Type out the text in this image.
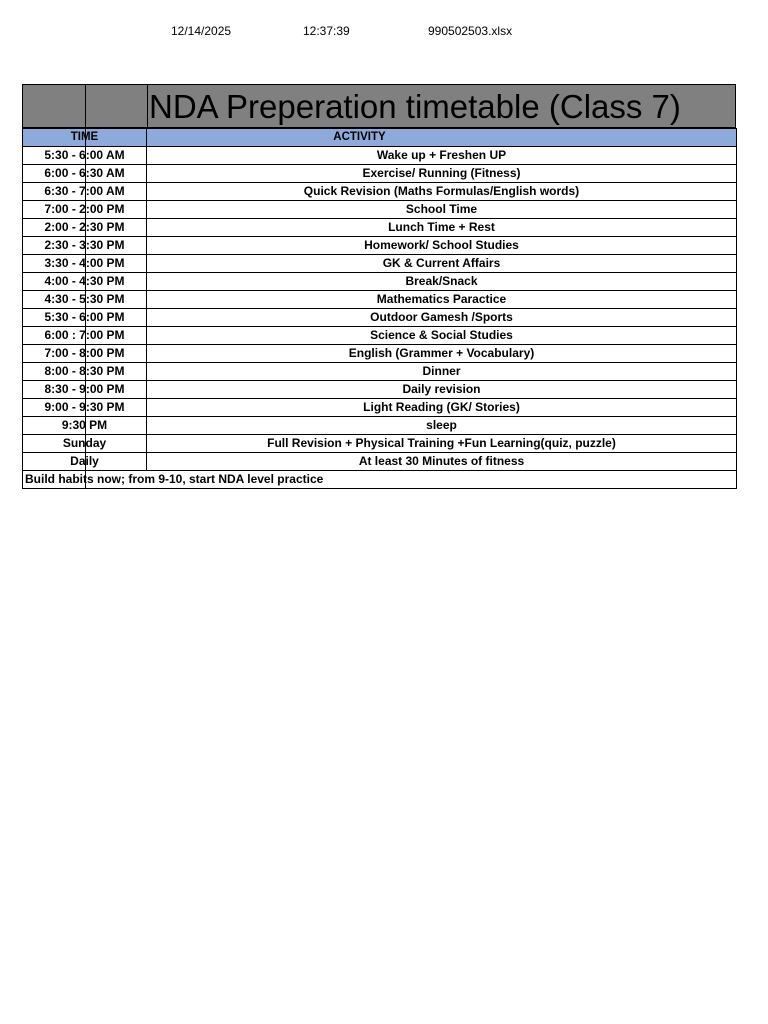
12/14/2025	12:37:39	990502503.xlsx
NDA Preperation timetable (Class 7)
TIME	ACTIVITY
5:30 - 6:00 AM	Wake up + Freshen UP
6:00 - 6:30 AM	Exercise/ Running (Fitness)
6:30 - 7:00 AM	Quick Revision (Maths Formulas/English words)
7:00 - 2:00 PM	School Time
2:00 - 2:30 PM	Lunch Time + Rest
2:30 - 3:30 PM	Homework/ School Studies
3:30 - 4:00 PM	GK & Current Affairs
4:00 - 4:30 PM	Break/Snack
4:30 - 5:30 PM	Mathematics Paractice
5:30 - 6:00 PM	Outdoor Gamesh /Sports
6:00 : 7:00 PM	Science & Social Studies
7:00 - 8:00 PM	English (Grammer + Vocabulary)
8:00 - 8:30 PM	Dinner
8:30 - 9:00 PM	Daily revision
9:00 - 9:30 PM	Light Reading (GK/ Stories)
9:30 PM	sleep
Sunday	Full Revision + Physical Training +Fun Learning(quiz, puzzle)
Daily	At least 30 Minutes of fitness
Build habits now; from 9-10, start NDA level practice
